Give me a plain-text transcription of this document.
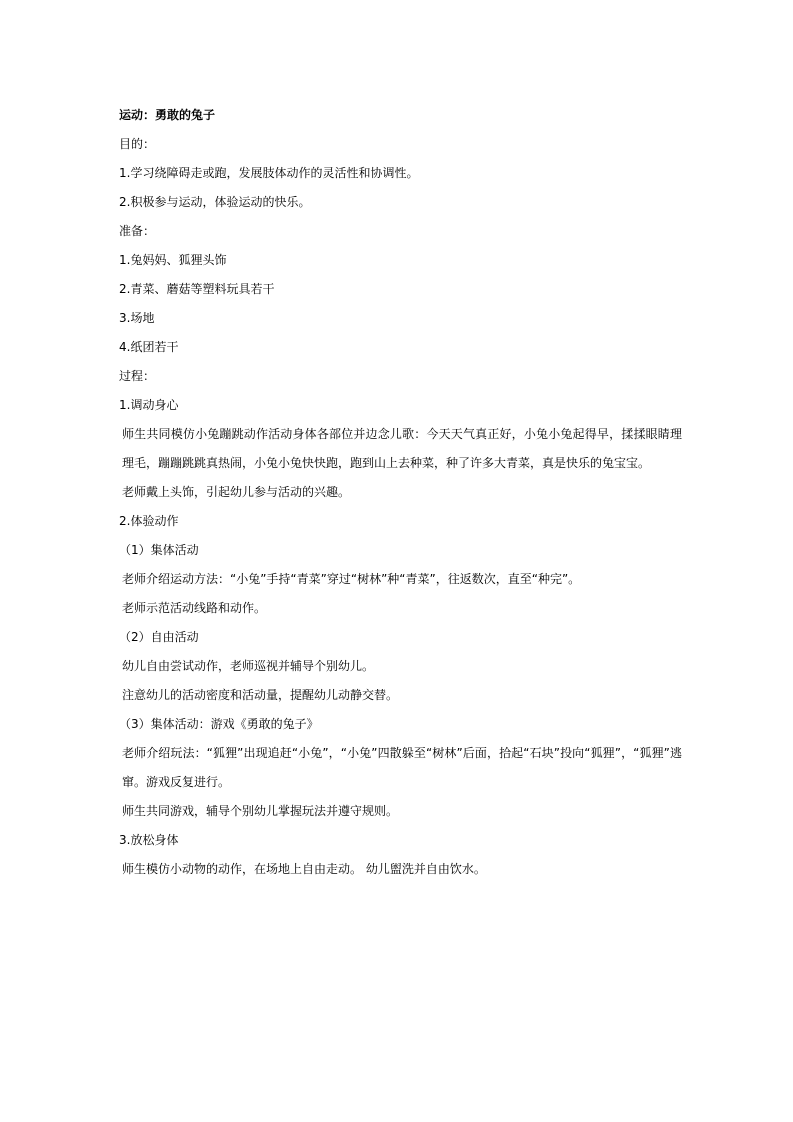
运动：勇敢的兔子
目的：
1.学习绕障碍走或跑，发展肢体动作的灵活性和协调性。
2.积极参与运动，体验运动的快乐。
准备：
1.兔妈妈、狐狸头饰
2.青菜、蘑菇等塑料玩具若干
3.场地
4.纸团若干
过程：
1.调动身心
师生共同模仿小兔蹦跳动作活动身体各部位并边念儿歌：今天天气真正好，小兔小兔起得早，揉揉眼睛理理毛，蹦蹦跳跳真热闹，小兔小兔快快跑，跑到山上去种菜，种了许多大青菜，真是快乐的兔宝宝。
老师戴上头饰，引起幼儿参与活动的兴趣。
2.体验动作
（1）集体活动
老师介绍运动方法：“小兔”手持“青菜”穿过“树林”种“青菜”，往返数次，直至“种完”。
老师示范活动线路和动作。
（2）自由活动
幼儿自由尝试动作，老师巡视并辅导个别幼儿。
注意幼儿的活动密度和活动量，提醒幼儿动静交替。
（3）集体活动：游戏《勇敢的兔子》
老师介绍玩法：“狐狸”出现追赶“小兔”，“小兔”四散躲至“树林”后面，拾起“石块”投向“狐狸”，“狐狸”逃窜。游戏反复进行。
师生共同游戏，辅导个别幼儿掌握玩法并遵守规则。
3.放松身体
师生模仿小动物的动作，在场地上自由走动。 幼儿盥洗并自由饮水。
